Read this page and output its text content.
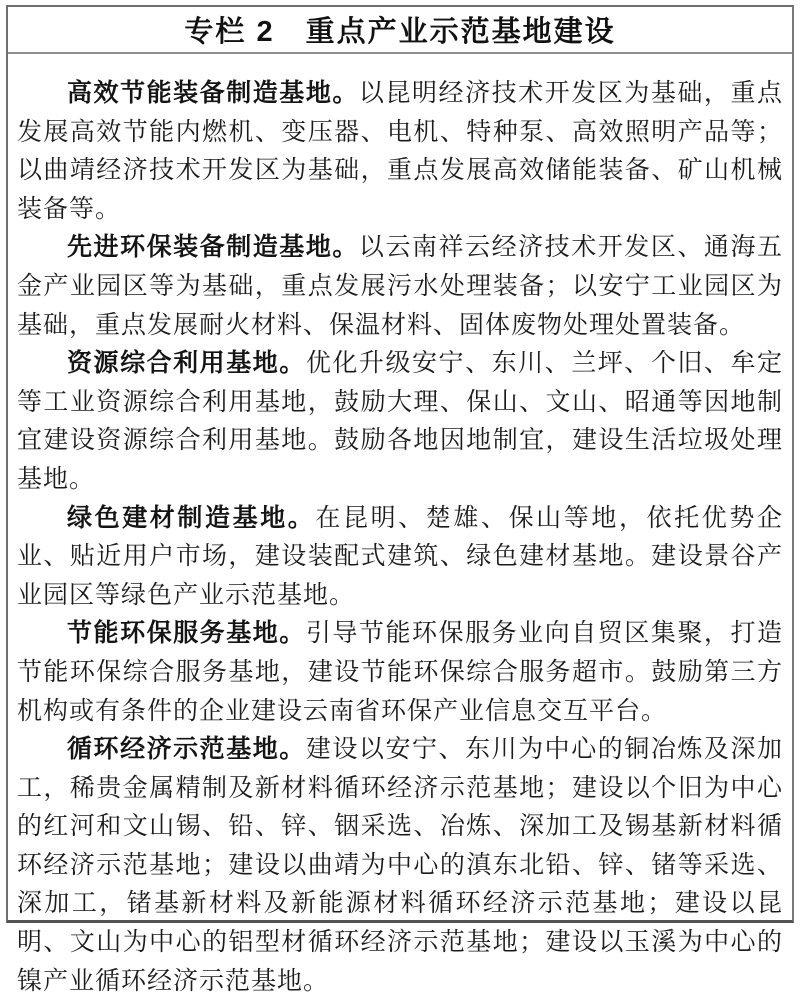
专栏 2　重点产业示范基地建设

高效节能装备制造基地。以昆明经济技术开发区为基础，重点发展高效节能内燃机、变压器、电机、特种泵、高效照明产品等；以曲靖经济技术开发区为基础，重点发展高效储能装备、矿山机械装备等。

先进环保装备制造基地。以云南祥云经济技术开发区、通海五金产业园区等为基础，重点发展污水处理装备；以安宁工业园区为基础，重点发展耐火材料、保温材料、固体废物处理处置装备。

资源综合利用基地。优化升级安宁、东川、兰坪、个旧、牟定等工业资源综合利用基地，鼓励大理、保山、文山、昭通等因地制宜建设资源综合利用基地。鼓励各地因地制宜，建设生活垃圾处理基地。

绿色建材制造基地。在昆明、楚雄、保山等地，依托优势企业、贴近用户市场，建设装配式建筑、绿色建材基地。建设景谷产业园区等绿色产业示范基地。

节能环保服务基地。引导节能环保服务业向自贸区集聚，打造节能环保综合服务基地，建设节能环保综合服务超市。鼓励第三方机构或有条件的企业建设云南省环保产业信息交互平台。

循环经济示范基地。建设以安宁、东川为中心的铜冶炼及深加工，稀贵金属精制及新材料循环经济示范基地；建设以个旧为中心的红河和文山锡、铅、锌、铟采选、冶炼、深加工及锡基新材料循环经济示范基地；建设以曲靖为中心的滇东北铅、锌、锗等采选、深加工，锗基新材料及新能源材料循环经济示范基地；建设以昆明、文山为中心的铝型材循环经济示范基地；建设以玉溪为中心的镍产业循环经济示范基地。
